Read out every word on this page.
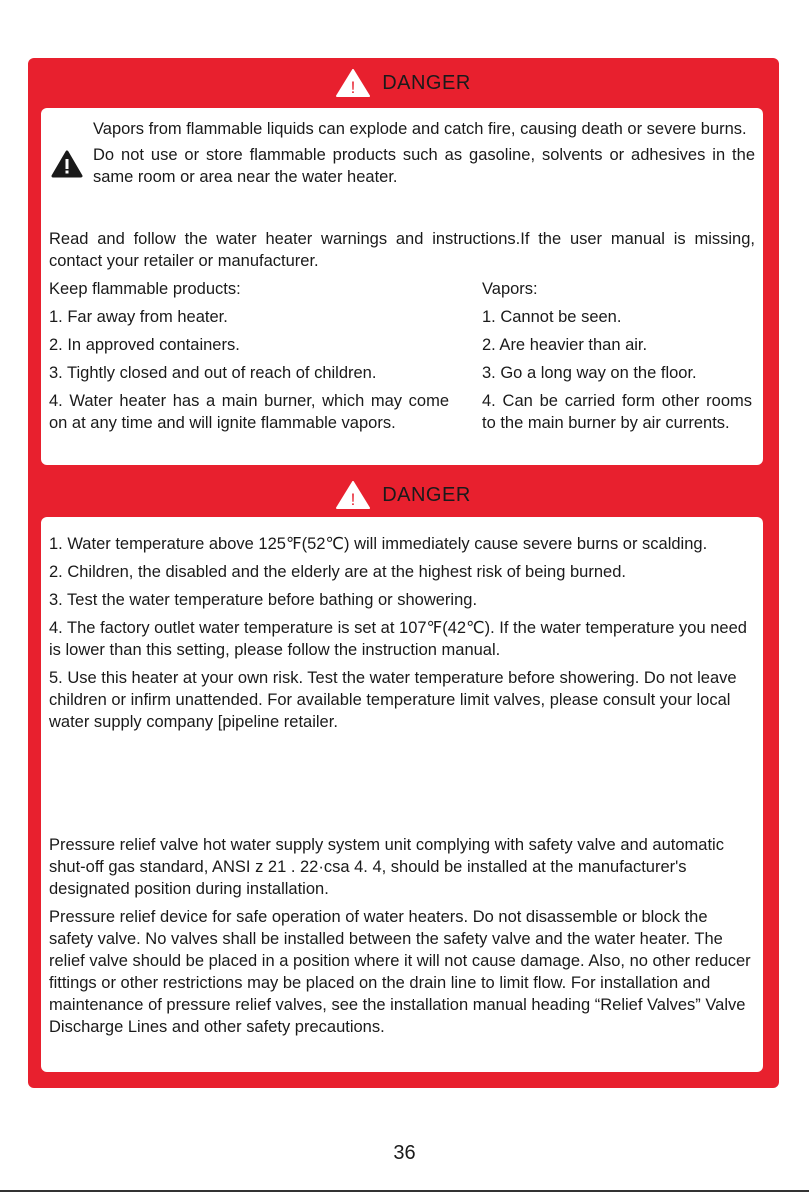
! DANGER

Vapors from flammable liquids can explode and catch fire, causing death or severe burns.

Do not use or store flammable products such as gasoline, solvents or adhesives in the same room or area near the water heater.

Read and follow the water heater warnings and instructions.If the user manual is missing, contact your retailer or manufacturer.

Keep flammable products:

1. Far away from heater.

2. In approved containers.

3. Tightly closed and out of reach of children.

4. Water heater has a main burner, which may come on at any time and will ignite flammable vapors.

Vapors:

1. Cannot be seen.

2. Are heavier than air.

3. Go a long way on the floor.

4. Can be carried form other rooms to the main burner by air currents.

! DANGER

1. Water temperature above 125℉(52℃) will immediately cause severe burns or scalding.

2. Children, the disabled and the elderly are at the highest risk of being burned.

3. Test the water temperature before bathing or showering.

4. The factory outlet water temperature is set at 107℉(42℃). If the water temperature you need is lower than this setting, please follow the instruction manual.

5. Use this heater at your own risk. Test the water temperature before showering. Do not leave children or infirm unattended. For available temperature limit valves, please consult your local water supply company [pipeline retailer.

Pressure relief valve hot water supply system unit complying with safety valve and automatic shut-off gas standard, ANSI z 21 . 22·csa 4. 4, should be installed at the manufacturer's designated position during installation.

Pressure relief device for safe operation of water heaters. Do not disassemble or block the safety valve. No valves shall be installed between the safety valve and the water heater. The relief valve should be placed in a position where it will not cause damage. Also, no other reducer fittings or other restrictions may be placed on the drain line to limit flow. For installation and maintenance of pressure relief valves, see the installation manual heading “Relief Valves” Valve Discharge Lines and other safety precautions.

36
